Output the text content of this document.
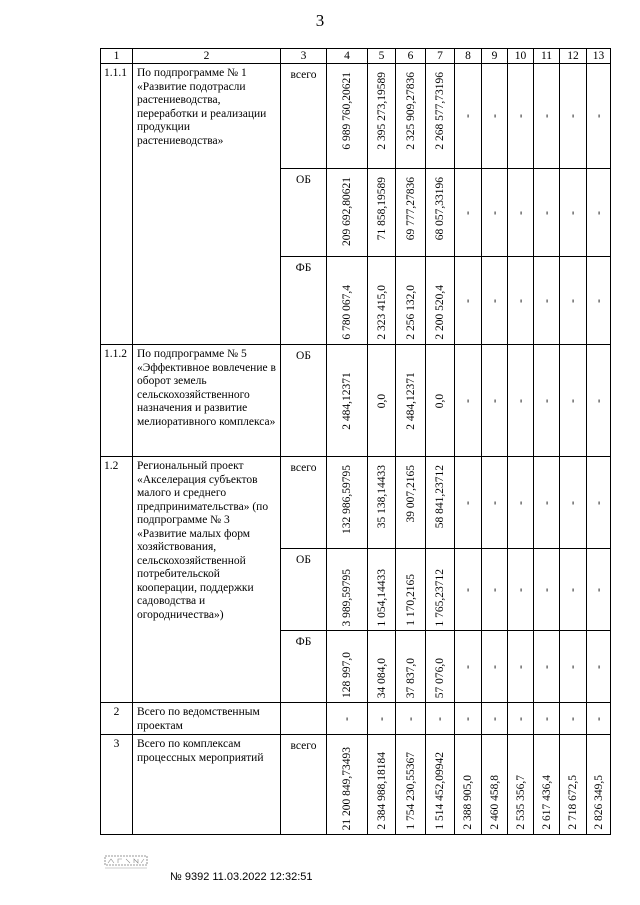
3
1	2	3	4	5	6	7	8	9	10	11	12	13
1.1.1	По подпрограмме № 1 «Развитие подотрасли растениеводства, переработки и реализации продукции растениеводства»	всего	6 989 760,20621	2 395 273,19589	2 325 909,27836	2 268 577,73196	-	-	-	-	-	-

		ОБ	209 692,80621	71 858,19589	69 777,27836	68 057,33196	-	-	-	-	-	-

		ФБ	6 780 067,4	2 323 415,0	2 256 132,0	2 200 520,4	-	-	-	-	-	-

1.1.2	По подпрограмме № 5 «Эффективное вовлечение в оборот земель сельскохозяйственного назначения и развитие мелиоративного комплекса»	ОБ	2 484,12371	0,0	2 484,12371	0,0	-	-	-	-	-	-

1.2	Региональный проект «Акселерация субъектов малого и среднего предпринимательства» (по подпрограмме № 3 «Развитие малых форм хозяйствования, сельскохозяйственной потребительской кооперации, поддержки садоводства и огородничества»)	всего	132 986,59795	35 138,14433	39 007,2165	58 841,23712	-	-	-	-	-	-

		ОБ	3 989,59795	1 054,14433	1 170,2165	1 765,23712	-	-	-	-	-	-

		ФБ	128 997,0	34 084,0	37 837,0	57 076,0	-	-	-	-	-	-

2	Всего по ведомственным проектам		-	-	-	-	-	-	-	-	-	-

3	Всего по комплексам процессных мероприятий	всего	21 200 849,73493	2 384 988,18184	1 754 230,55367	1 514 452,09942	2 388 905,0	2 460 458,8	2 535 356,7	2 617 436,4	2 718 672,5	2 826 349,5
№ 9392 11.03.2022 12:32:51
